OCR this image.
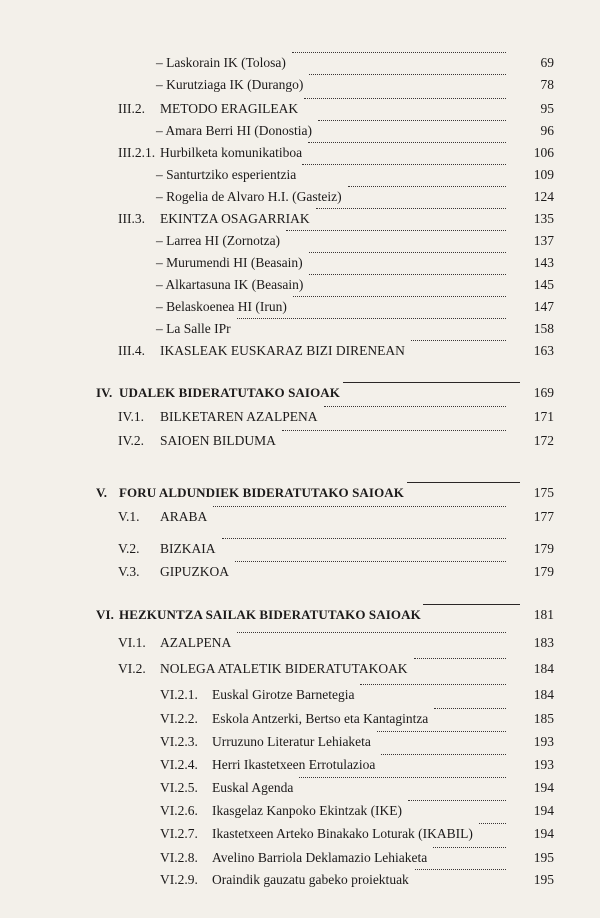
– Laskorain IK (Tolosa)	69
– Kurutziaga IK (Durango)	78
III.2. METODO ERAGILEAK	95
– Amara Berri HI (Donostia)	96
III.2.1. Hurbilketa komunikatiboa	106
– Santurtziko esperientzia	109
– Rogelia de Alvaro H.I. (Gasteiz)	124
III.3. EKINTZA OSAGARRIAK	135
– Larrea HI (Zornotza)	137
– Murumendi HI (Beasain)	143
– Alkartasuna IK (Beasain)	145
– Belaskoenea HI (Irun)	147
– La Salle IPr	158
III.4. IKASLEAK EUSKARAZ BIZI DIRENEAN	163
IV. UDALEK BIDERATUTAKO SAIOAK	169
IV.1. BILKETAREN AZALPENA	171
IV.2. SAIOEN BILDUMA	172
V. FORU ALDUNDIEK BIDERATUTAKO SAIOAK	175
V.1. ARABA	177
V.2. BIZKAIA	179
V.3. GIPUZKOA	179
VI. HEZKUNTZA SAILAK BIDERATUTAKO SAIOAK	181
VI.1. AZALPENA	183
VI.2. NOLEGA ATALETIK BIDERATUTAKOAK	184
VI.2.1. Euskal Girotze Barnetegia	184
VI.2.2. Eskola Antzerki, Bertso eta Kantagintza	185
VI.2.3. Urruzuno Literatur Lehiaketa	193
VI.2.4. Herri Ikastetxeen Errotulazioa	193
VI.2.5. Euskal Agenda	194
VI.2.6. Ikasgelaz Kanpoko Ekintzak (IKE)	194
VI.2.7. Ikastetxeen Arteko Binakako Loturak (IKABIL)	194
VI.2.8. Avelino Barriola Deklamazio Lehiaketa	195
VI.2.9. Oraindik gauzatu gabeko proiektuak	195
